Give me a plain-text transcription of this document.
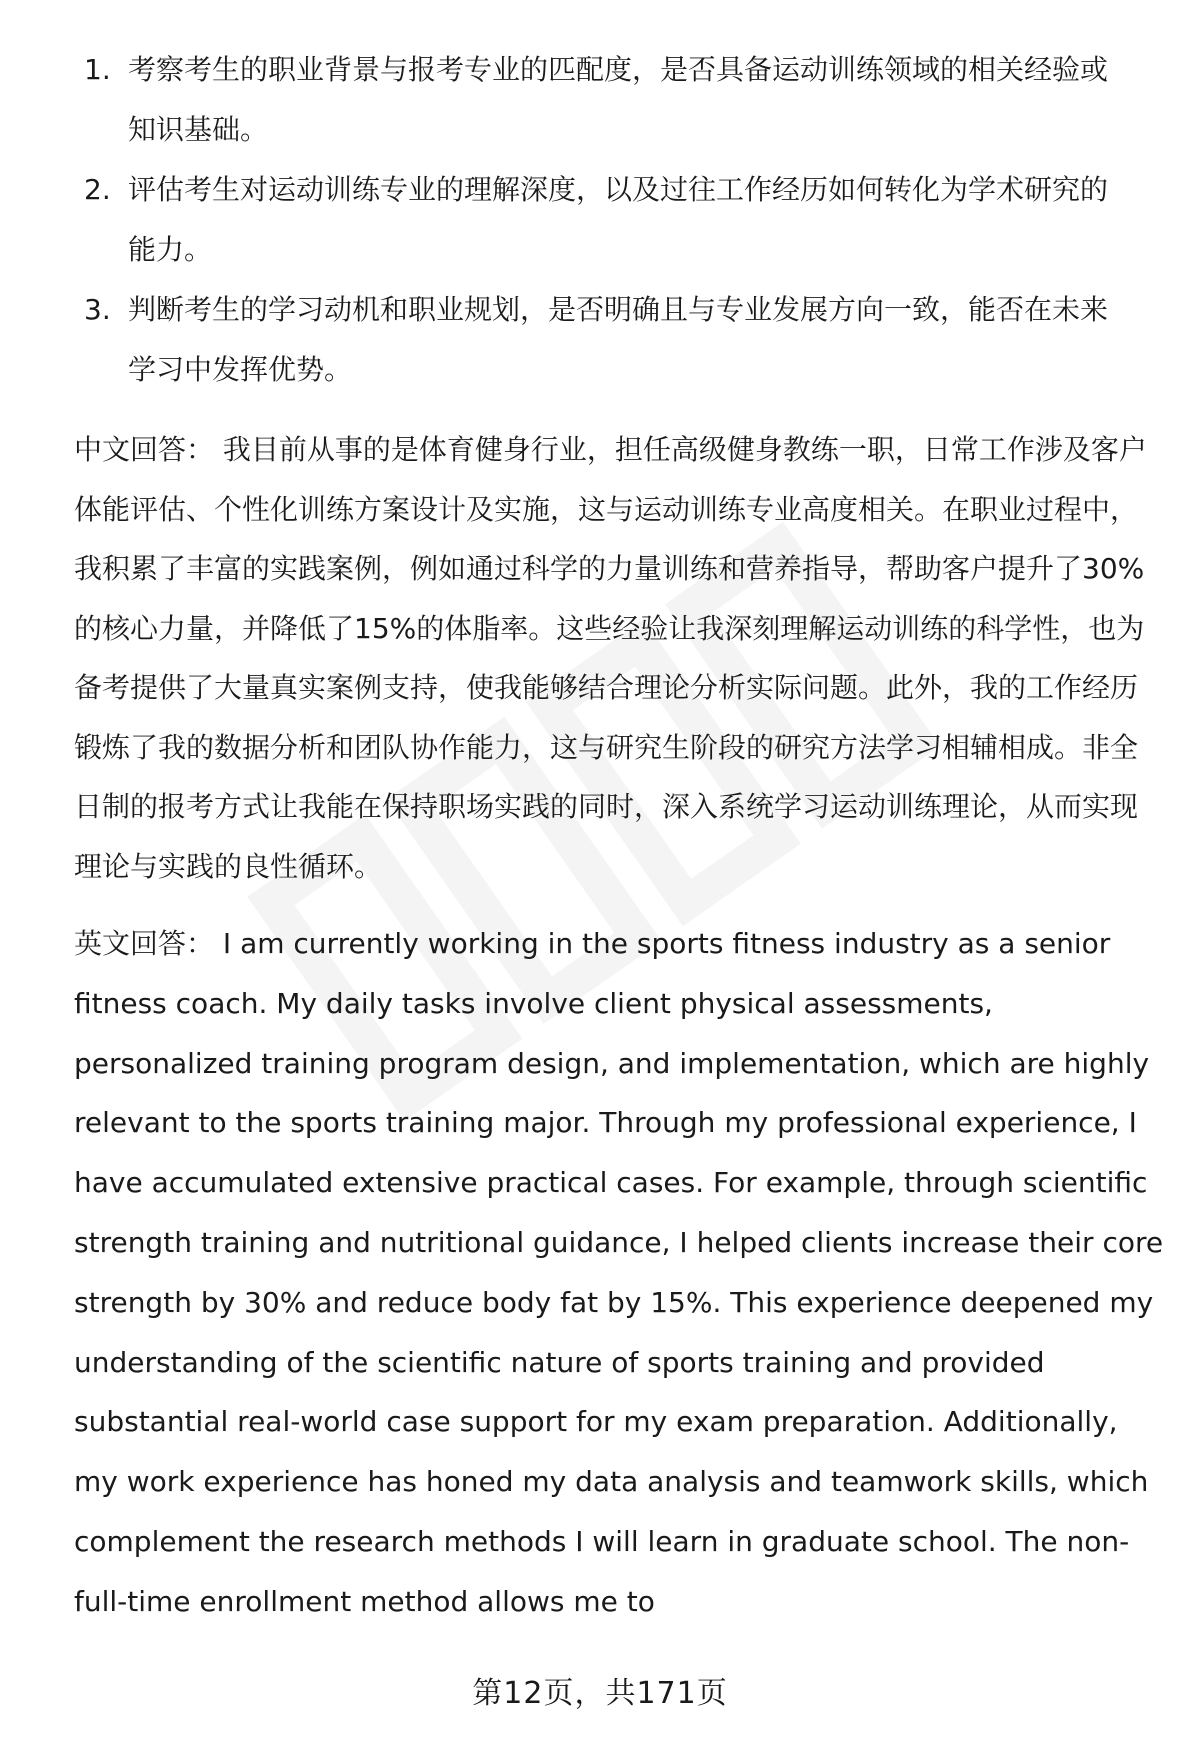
1. 考察考生的职业背景与报考专业的匹配度，是否具备运动训练领域的相关经验或知识基础。

2. 评估考生对运动训练专业的理解深度，以及过往工作经历如何转化为学术研究的能力。

3. 判断考生的学习动机和职业规划，是否明确且与专业发展方向一致，能否在未来学习中发挥优势。

中文回答： 我目前从事的是体育健身行业，担任高级健身教练一职，日常工作涉及客户体能评估、个性化训练方案设计及实施，这与运动训练专业高度相关。在职业过程中，我积累了丰富的实践案例，例如通过科学的力量训练和营养指导，帮助客户提升了30%的核心力量，并降低了15%的体脂率。这些经验让我深刻理解运动训练的科学性，也为备考提供了大量真实案例支持，使我能够结合理论分析实际问题。此外，我的工作经历锻炼了我的数据分析和团队协作能力，这与研究生阶段的研究方法学习相辅相成。非全日制的报考方式让我能在保持职场实践的同时，深入系统学习运动训练理论，从而实现理论与实践的良性循环。

英文回答： I am currently working in the sports fitness industry as a senior fitness coach. My daily tasks involve client physical assessments, personalized training program design, and implementation, which are highly relevant to the sports training major. Through my professional experience, I have accumulated extensive practical cases. For example, through scientific strength training and nutritional guidance, I helped clients increase their core strength by 30% and reduce body fat by 15%. This experience deepened my understanding of the scientific nature of sports training and provided substantial real-world case support for my exam preparation. Additionally, my work experience has honed my data analysis and teamwork skills, which complement the research methods I will learn in graduate school. The non-full-time enrollment method allows me to

第12页，共171页
